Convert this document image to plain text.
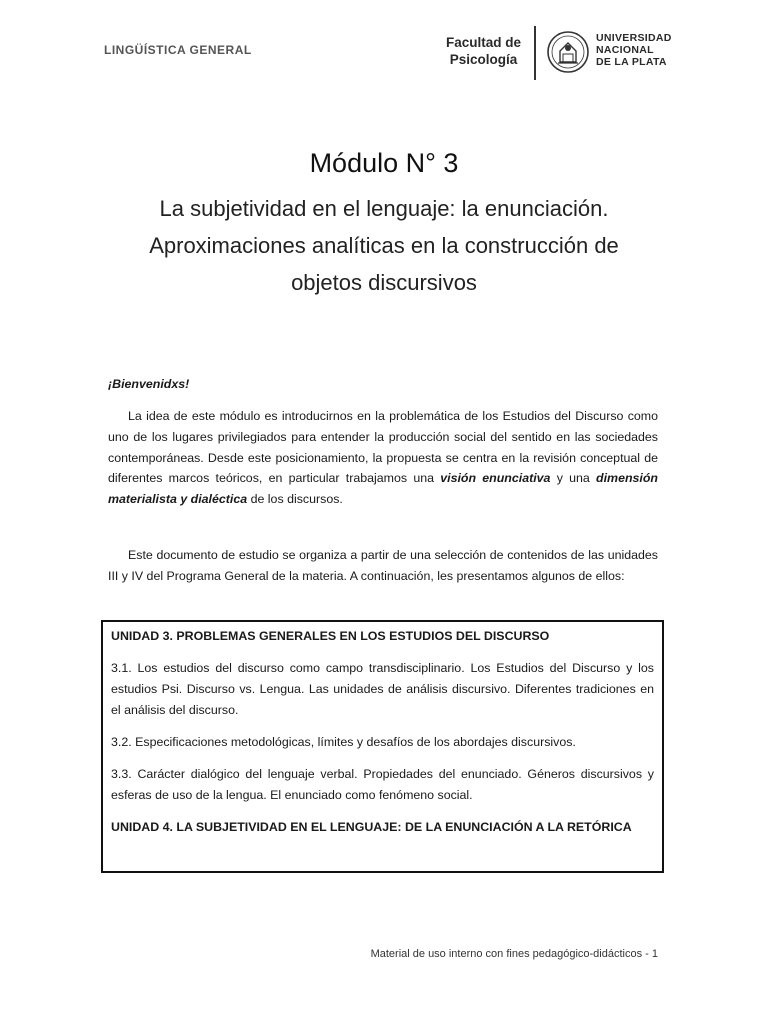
LINGÜÍSTICA GENERAL	Facultad de
Psicología
UNIVERSIDAD
NACIONAL
DE LA PLATA
Módulo N° 3
La subjetividad en el lenguaje: la enunciación.
Aproximaciones analíticas en la construcción de
objetos discursivos
¡Bienvenidxs!
La idea de este módulo es introducirnos en la problemática de los Estudios del Discurso como uno de los lugares privilegiados para entender la producción social del sentido en las sociedades contemporáneas. Desde este posicionamiento, la propuesta se centra en la revisión conceptual de diferentes marcos teóricos, en particular trabajamos una visión enunciativa y una dimensión materialista y dialéctica de los discursos.
Este documento de estudio se organiza a partir de una selección de contenidos de las unidades III y IV del Programa General de la materia. A continuación, les presentamos algunos de ellos:
UNIDAD 3. PROBLEMAS GENERALES EN LOS ESTUDIOS DEL DISCURSO
3.1. Los estudios del discurso como campo transdisciplinario. Los Estudios del Discurso y los estudios Psi. Discurso vs. Lengua. Las unidades de análisis discursivo. Diferentes tradiciones en el análisis del discurso.
3.2. Especificaciones metodológicas, límites y desafíos de los abordajes discursivos.
3.3. Carácter dialógico del lenguaje verbal. Propiedades del enunciado. Géneros discursivos y esferas de uso de la lengua. El enunciado como fenómeno social.
UNIDAD 4. LA SUBJETIVIDAD EN EL LENGUAJE: DE LA ENUNCIACIÓN A LA RETÓRICA
Material de uso interno con fines pedagógico-didácticos - 1
